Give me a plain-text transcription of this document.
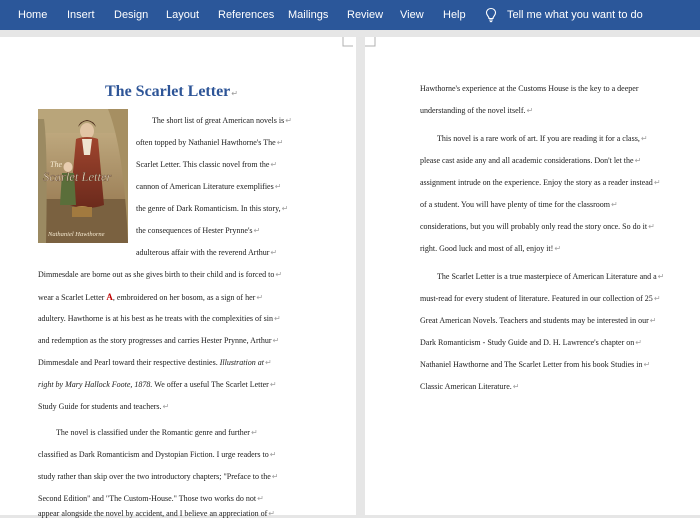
Home Insert Design Layout References Mailings Review View Help	Tell me what you want to do
The Scarlet Letter↵
The
Scarlet Letter
Nathaniel Hawthorne
The short list of great American novels is↵
often topped by Nathaniel Hawthorne's The↵
Scarlet Letter. This classic novel from the↵
cannon of American Literature exemplifies↵
the genre of Dark Romanticism. In this story,↵
the consequences of Hester Prynne's↵
adulterous affair with the reverend Arthur↵
Dimmesdale are borne out as she gives birth to their child and is forced to↵
wear a Scarlet Letter A, embroidered on her bosom, as a sign of her↵
adultery. Hawthorne is at his best as he treats with the complexities of sin↵
and redemption as the story progresses and carries Hester Prynne, Arthur↵
Dimmesdale and Pearl toward their respective destinies. Illustration at↵
right by Mary Hallock Foote, 1878. We offer a useful The Scarlet Letter↵
Study Guide for students and teachers.↵
The novel is classified under the Romantic genre and further↵
classified as Dark Romanticism and Dystopian Fiction. I urge readers to↵
study rather than skip over the two introductory chapters; "Preface to the↵
Second Edition" and "The Custom-House." Those two works do not↵
appear alongside the novel by accident, and I believe an appreciation of↵
Hawthorne's experience at the Customs House is the key to a deeper
understanding of the novel itself.↵
This novel is a rare work of art. If you are reading it for a class,↵
please cast aside any and all academic considerations. Don't let the↵
assignment intrude on the experience. Enjoy the story as a reader instead↵
of a student. You will have plenty of time for the classroom↵
considerations, but you will probably only read the story once. So do it↵
right. Good luck and most of all, enjoy it!↵
The Scarlet Letter is a true masterpiece of American Literature and a↵
must-read for every student of literature. Featured in our collection of 25↵
Great American Novels. Teachers and students may be interested in our↵
Dark Romanticism - Study Guide and D. H. Lawrence's chapter on↵
Nathaniel Hawthorne and The Scarlet Letter from his book Studies in↵
Classic American Literature.↵
